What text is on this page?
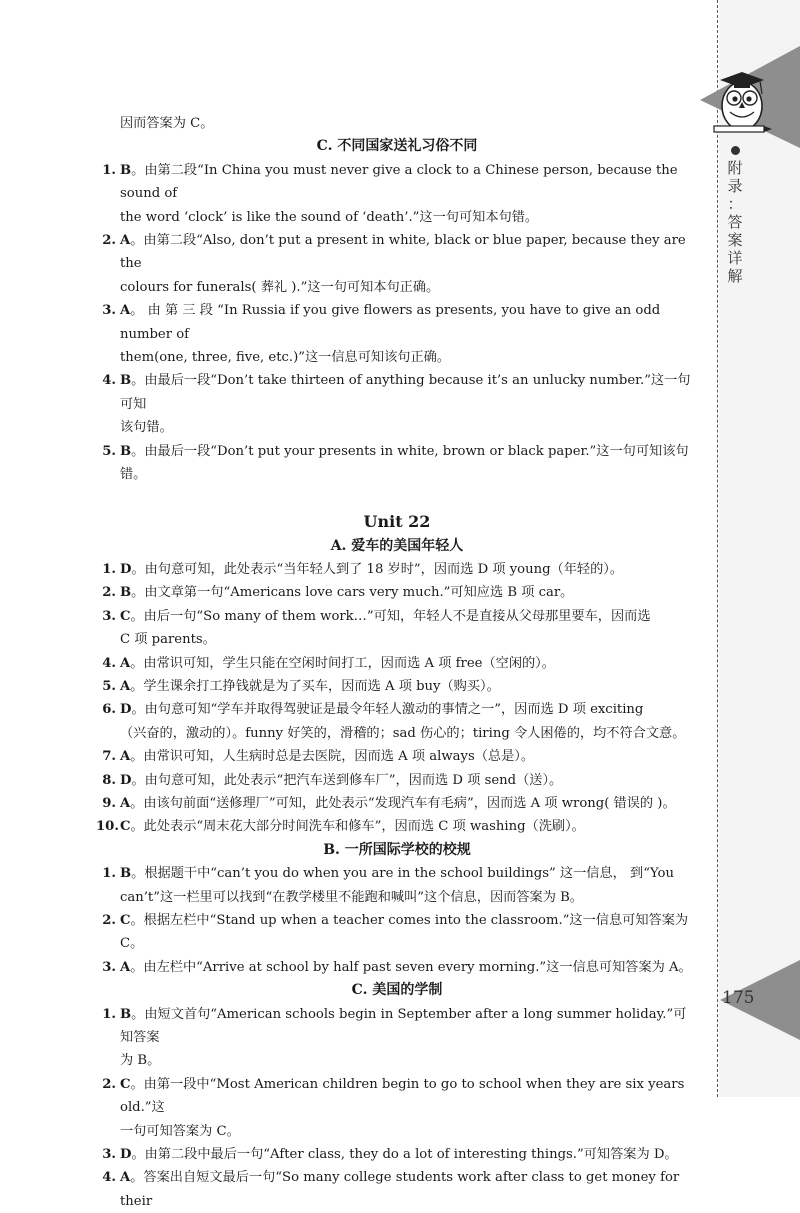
附
录
：
答
案
详
解
175
因而答案为 C。
C. 不同国家送礼习俗不同
1. B。由第二段“In China you must never give a clock to a Chinese person, because the sound of
the word ‘clock’ is like the sound of ‘death’.”这一句可知本句错。
2. A。由第二段“Also, don’t put a present in white, black or blue paper, because they are the
colours for funerals( 葬礼 ).”这一句可知本句正确。
3. A。 由 第 三 段 “In Russia if you give flowers as presents, you have to give an odd number of
them(one, three, five, etc.)”这一信息可知该句正确。
4. B。由最后一段“Don’t take thirteen of anything because it’s an unlucky number.”这一句可知
该句错。
5. B。由最后一段“Don’t put your presents in white, brown or black paper.”这一句可知该句错。
Unit 22
A. 爱车的美国年轻人
1. D。由句意可知，此处表示“当年轻人到了 18 岁时”，因而选 D 项 young（年轻的）。
2. B。由文章第一句“Americans love cars very much.”可知应选 B 项 car。
3. C。由后一句“So many of them work…”可知，年轻人不是直接从父母那里要车，因而选
C 项 parents。
4. A。由常识可知，学生只能在空闲时间打工，因而选 A 项 free（空闲的）。
5. A。学生课余打工挣钱就是为了买车，因而选 A 项 buy（购买）。
6. D。由句意可知“学车并取得驾驶证是最令年轻人激动的事情之一”，因而选 D 项 exciting
（兴奋的，激动的）。funny 好笑的，滑稽的；sad 伤心的；tiring 令人困倦的，均不符合文意。
7. A。由常识可知，人生病时总是去医院，因而选 A 项 always（总是）。
8. D。由句意可知，此处表示“把汽车送到修车厂”，因而选 D 项 send（送）。
9. A。由该句前面“送修理厂”可知，此处表示“发现汽车有毛病”，因而选 A 项 wrong( 错误的 )。
10. C。此处表示“周末花大部分时间洗车和修车”，因而选 C 项 washing（洗刷）。
B. 一所国际学校的校规
1. B。根据题干中“can’t you do when you are in the school buildings” 这一信息， 到“You
can’t”这一栏里可以找到“在教学楼里不能跑和喊叫”这个信息，因而答案为 B。
2. C。根据左栏中“Stand up when a teacher comes into the classroom.”这一信息可知答案为 C。
3. A。由左栏中“Arrive at school by half past seven every morning.”这一信息可知答案为 A。
C. 美国的学制
1. B。由短文首句“American schools begin in September after a long summer holiday.”可知答案
为 B。
2. C。由第一段中“Most American children begin to go to school when they are six years old.”这
一句可知答案为 C。
3. D。由第二段中最后一句“After class, they do a lot of interesting things.”可知答案为 D。
4. A。答案出自短文最后一句“So many college students work after class to get money for their
